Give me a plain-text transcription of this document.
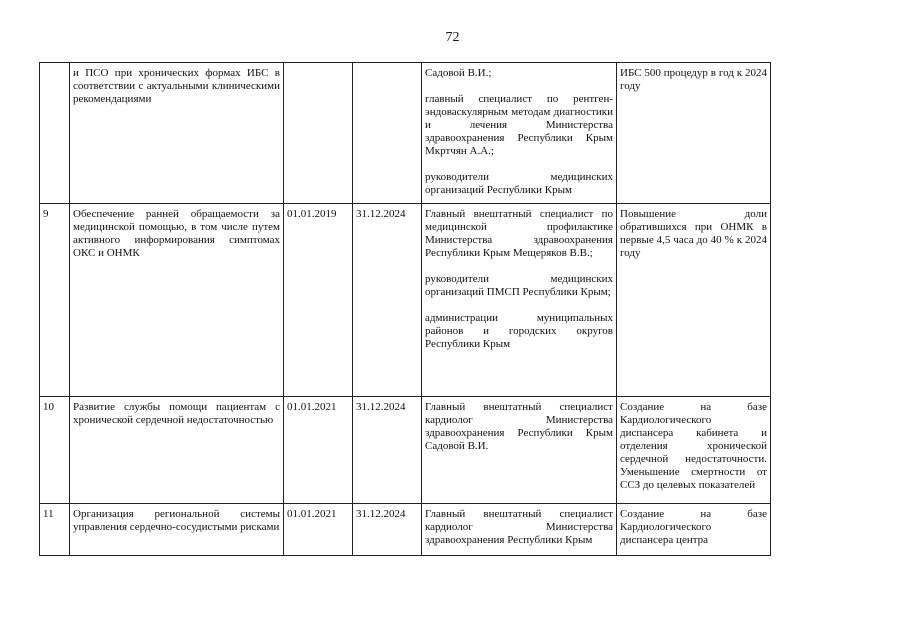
72
	и ПСО при хронических формах ИБС в соответствии с актуальными клиническими рекомендациями			Садовой В.И.;
главный специалист по рентген-эндоваскулярным методам диагностики и лечения Министерства здравоохранения Республики Крым Мкртчян А.А.;
руководители медицинских организаций Республики Крым	ИБС 500 процедур в год к 2024 году
9	Обеспечение ранней обращаемости за медицинской помощью, в том числе путем активного информирования симптомах ОКС и ОНМК	01.01.2019	31.12.2024	Главный внештатный специалист по медицинской профилактике Министерства здравоохранения Республики Крым Мещеряков В.В.;
руководители медицинских организаций ПМСП Республики Крым;
администрации муниципальных районов и городских округов Республики Крым	Повышение доли обратившихся при ОНМК в первые 4,5 часа до 40 % к 2024 году
10	Развитие службы помощи пациентам с хронической сердечной недостаточностью	01.01.2021	31.12.2024	Главный внештатный специалист кардиолог Министерства здравоохранения Республики Крым Садовой В.И.	Создание на базе Кардиологического диспансера кабинета и отделения хронической сердечной недостаточности. Уменьшение смертности от ССЗ до целевых показателей
11	Организация региональной системы управления сердечно-сосудистыми рисками	01.01.2021	31.12.2024	Главный внештатный специалист кардиолог Министерства здравоохранения Республики Крым	Создание на базе Кардиологического диспансера центра
